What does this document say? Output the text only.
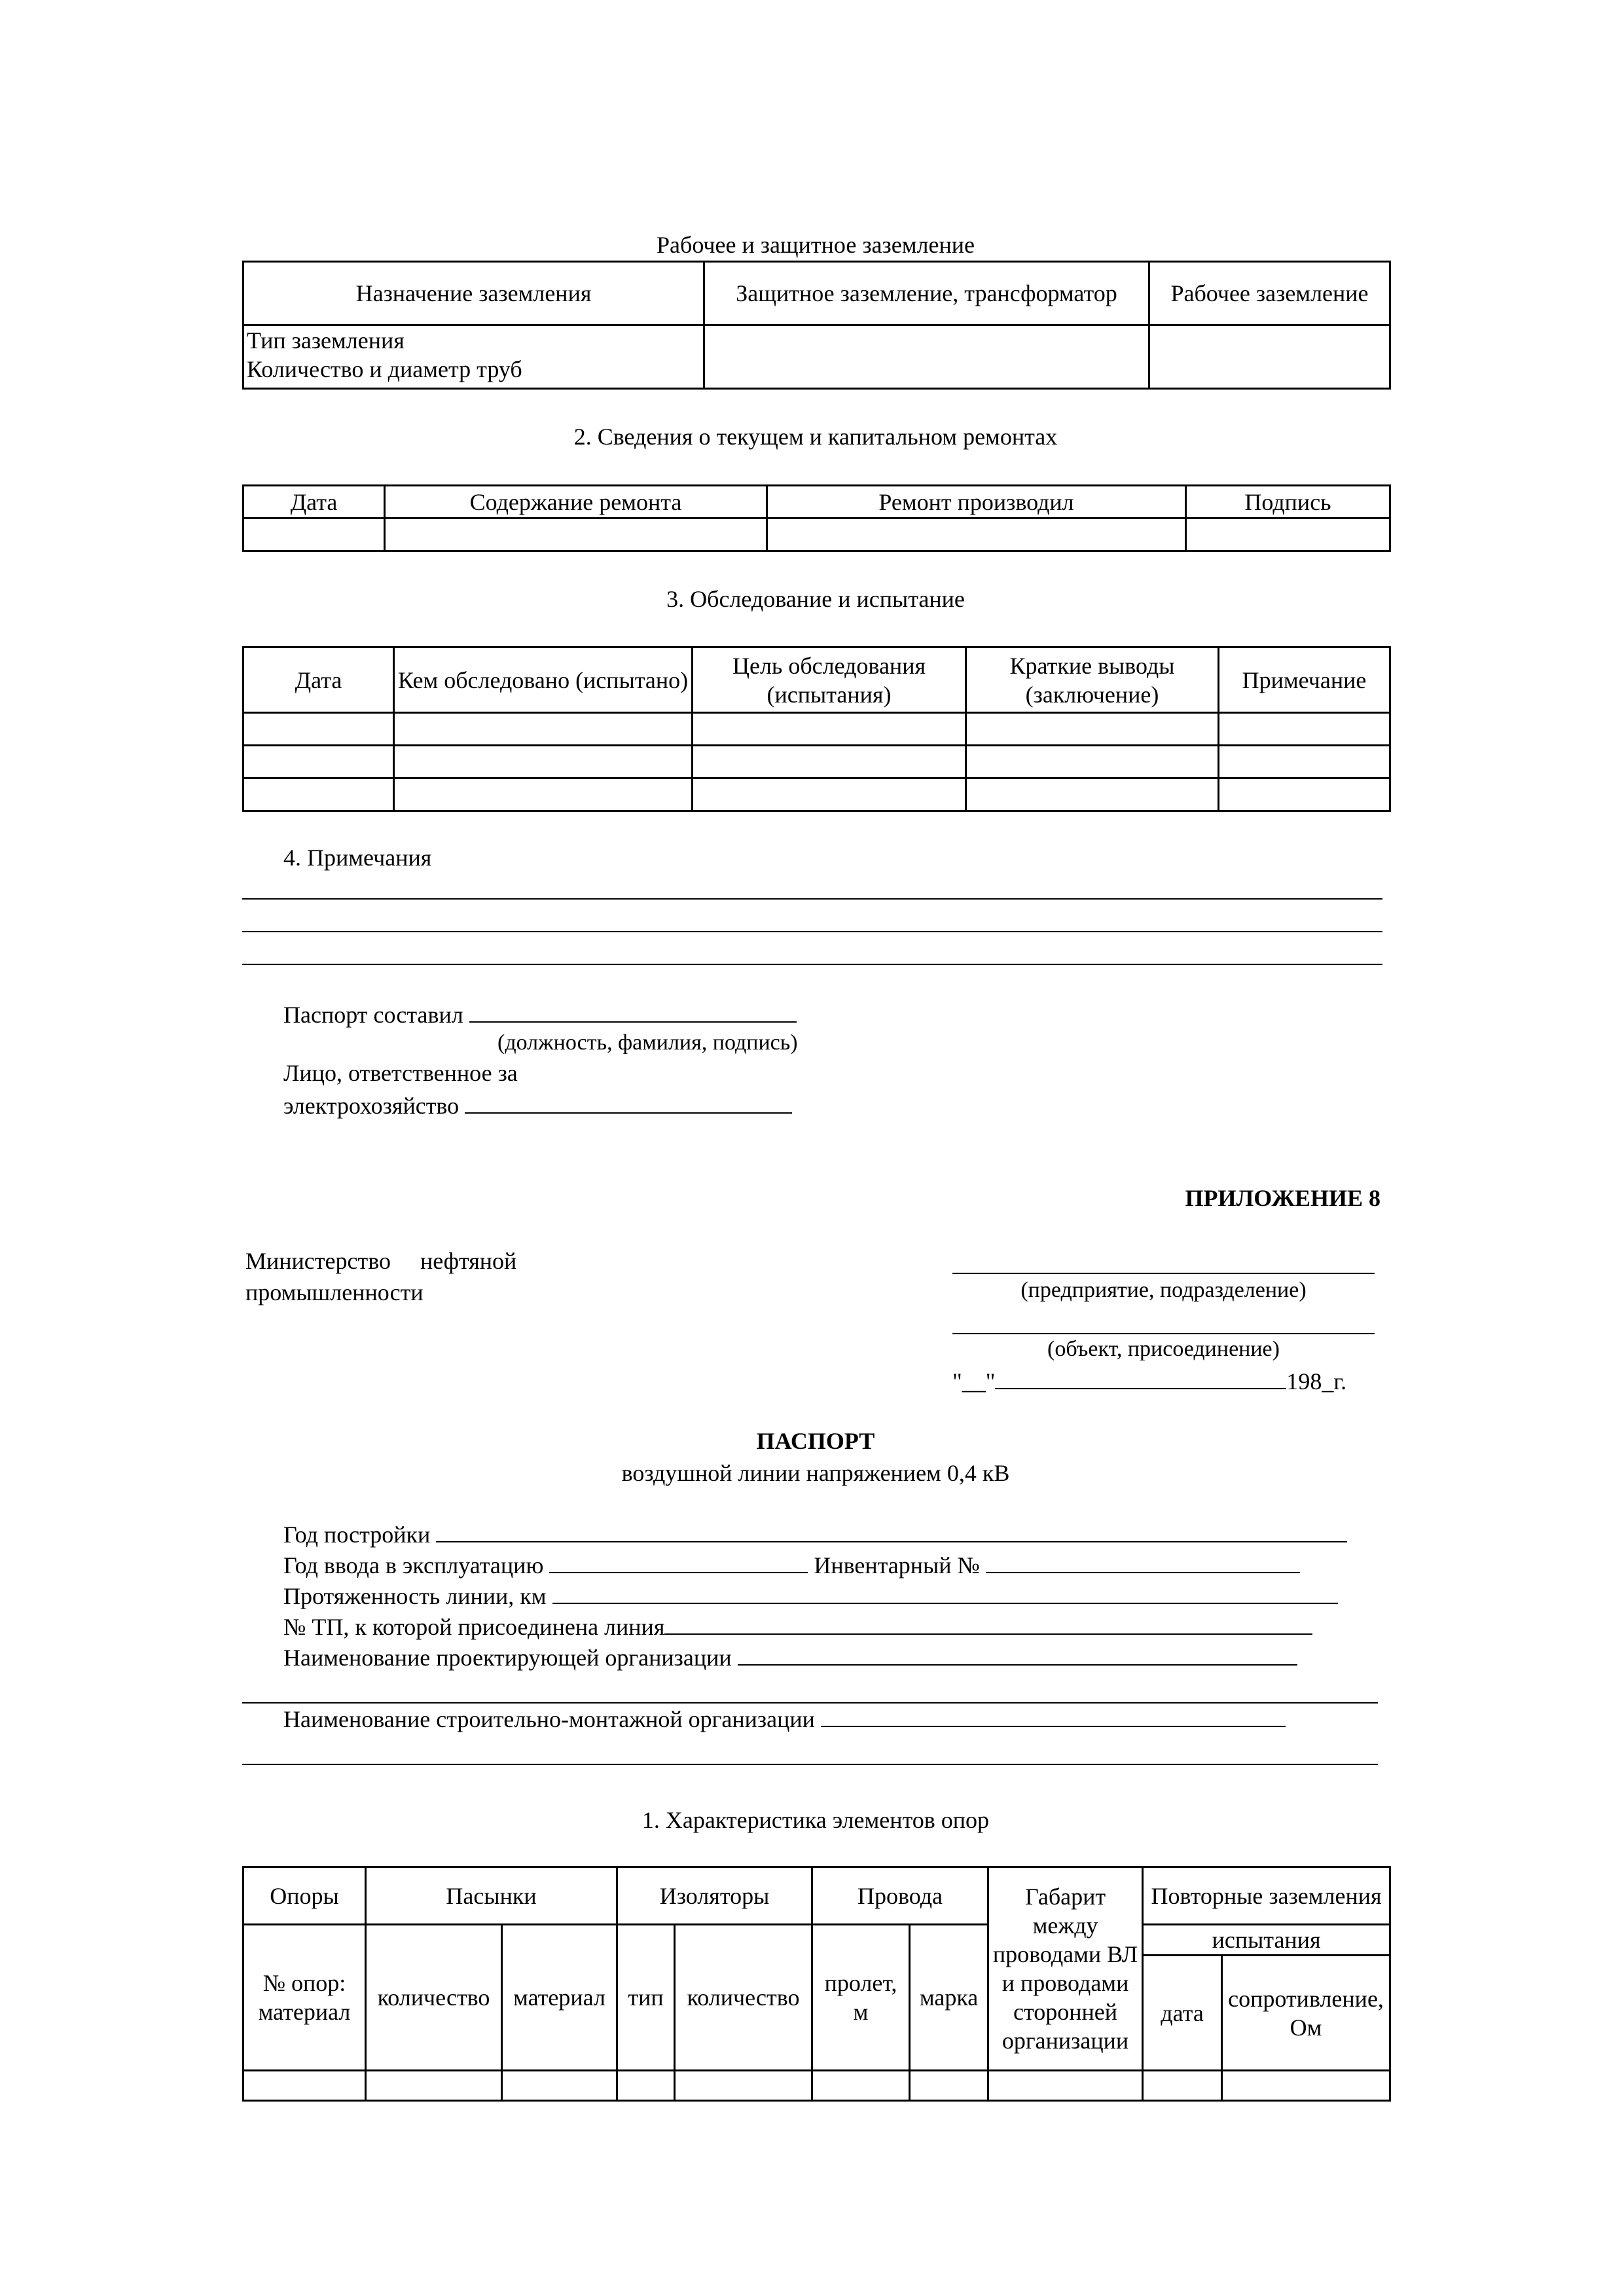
Рабочее и защитное заземление
Назначение заземления	Защитное заземление, трансформатор	Рабочее заземление

Тип заземления
Количество и диаметр труб		

2. Сведения о текущем и капитальном ремонтах
Дата	Содержание ремонта	Ремонт производил	Подпись

3. Обследование и испытание
Дата	Кем обследовано (испытано)	Цель обследования (испытания)	Краткие выводы (заключение)	Примечание

4. Примечания
Паспорт составил
(должность, фамилия, подпись)
Лицо, ответственное за
электрохозяйство
ПРИЛОЖЕНИЕ 8
Министерство     нефтяной
промышленности	(предприятие, подразделение)
(объект, присоединение)
"__"	198_г.
ПАСПОРТ
воздушной линии напряжением 0,4 кВ
Год постройки
Год ввода в эксплуатацию	Инвентарный №
Протяженность линии, км
№ ТП, к которой присоединена линия
Наименование проектирующей организации
Наименование строительно-монтажной организации
1. Характеристика элементов опор
Опоры	Пасынки		Изоляторы		Провода		Габарит между проводами ВЛ и проводами сторонней организации	Повторные заземления	
№ опор: материал	количество	материал	тип	количество	пролет, м	марка		испытания	
								дата	сопротивление, Ом
